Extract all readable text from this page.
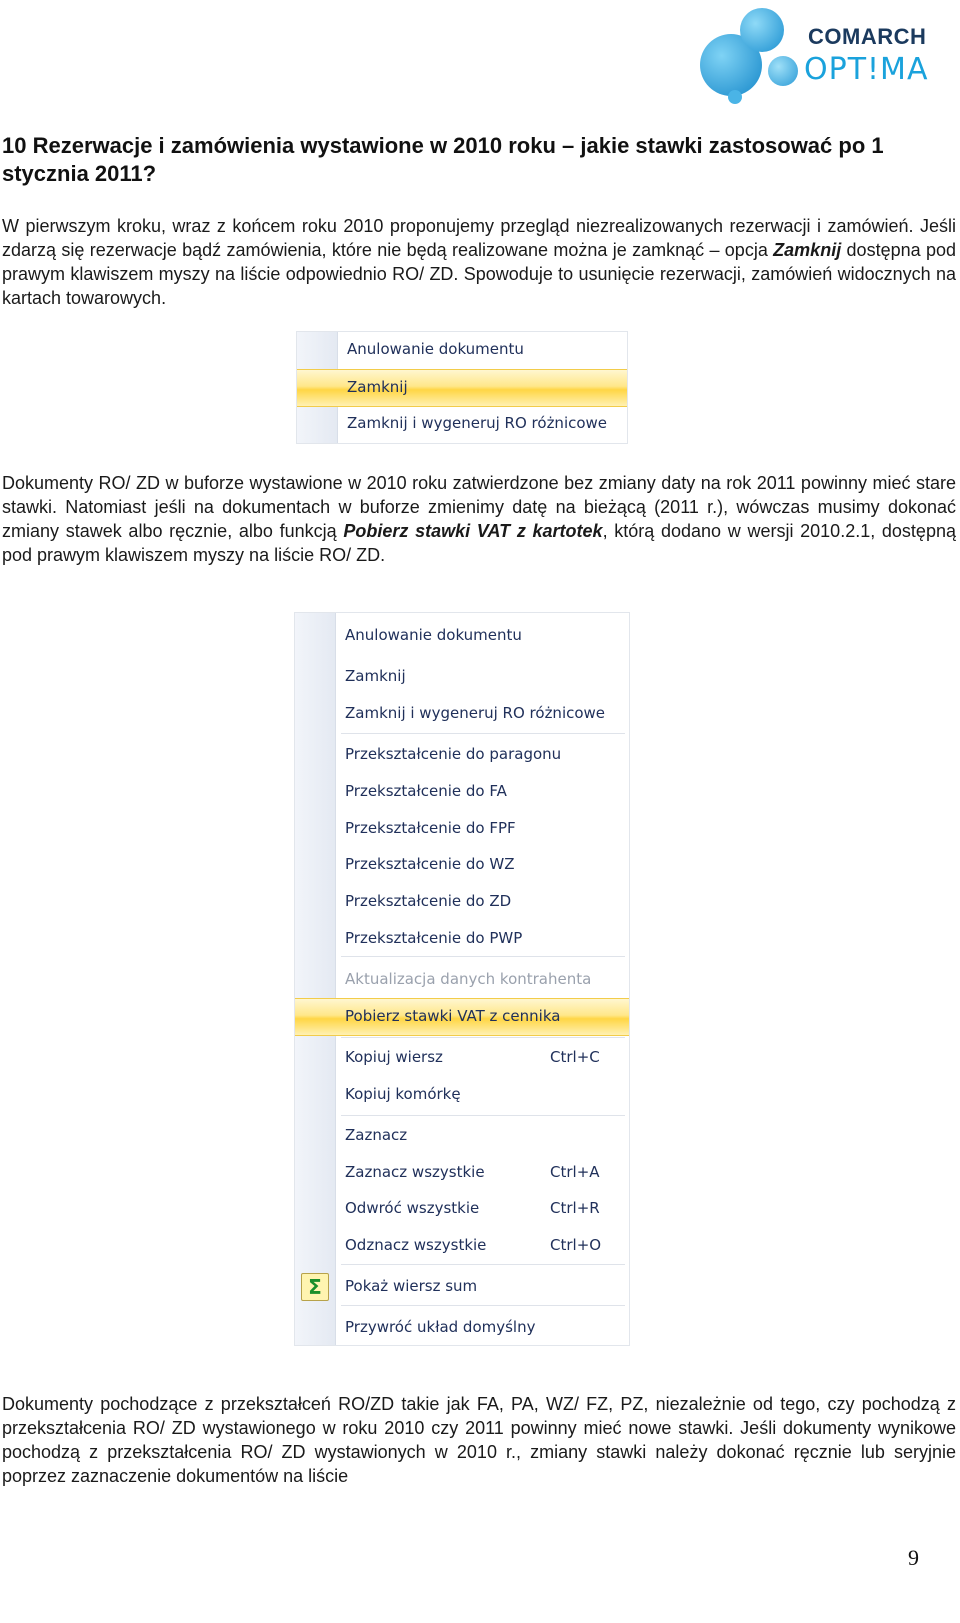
COMARCH
OPT!MA
10 Rezerwacje i zamówienia wystawione w 2010 roku – jakie stawki zastosować po 1 stycznia 2011?

W pierwszym kroku, wraz z końcem roku 2010 proponujemy przegląd niezrealizowanych rezerwacji i zamówień. Jeśli zdarzą się rezerwacje bądź zamówienia, które nie będą realizowane można je zamknąć – opcja Zamknij dostępna pod prawym klawiszem myszy na liście odpowiednio RO/ ZD. Spowoduje to usunięcie rezerwacji, zamówień widocznych na kartach towarowych.

Anulowanie dokumentu
Zamknij
Zamknij i wygeneruj RO różnicowe

Dokumenty RO/ ZD w buforze wystawione w 2010 roku zatwierdzone bez zmiany daty na rok 2011 powinny mieć stare stawki. Natomiast jeśli na dokumentach w buforze zmienimy datę na bieżącą (2011 r.), wówczas musimy dokonać zmiany stawek albo ręcznie, albo funkcją Pobierz stawki VAT z kartotek, którą dodano w wersji 2010.2.1, dostępną pod prawym klawiszem myszy na liście RO/ ZD.

Anulowanie dokumentu
Zamknij
Zamknij i wygeneruj RO różnicowe
Przekształcenie do paragonu
Przekształcenie do FA
Przekształcenie do FPF
Przekształcenie do WZ
Przekształcenie do ZD
Przekształcenie do PWP
Aktualizacja danych kontrahenta
Pobierz stawki VAT z cennika
Kopiuj wiersz	Ctrl+C
Kopiuj komórkę
Zaznacz
Zaznacz wszystkie	Ctrl+A
Odwróć wszystkie	Ctrl+R
Odznacz wszystkie	Ctrl+O
Σ	Pokaż wiersz sum
Przywróć układ domyślny

Dokumenty pochodzące z przekształceń RO/ZD takie jak FA, PA, WZ/ FZ, PZ, niezależnie od tego, czy pochodzą z przekształcenia RO/ ZD wystawionego w roku 2010 czy 2011 powinny mieć nowe stawki. Jeśli dokumenty wynikowe pochodzą z przekształcenia RO/ ZD wystawionych w 2010 r., zmiany stawki należy dokonać ręcznie lub seryjnie poprzez zaznaczenie dokumentów na liście

9
